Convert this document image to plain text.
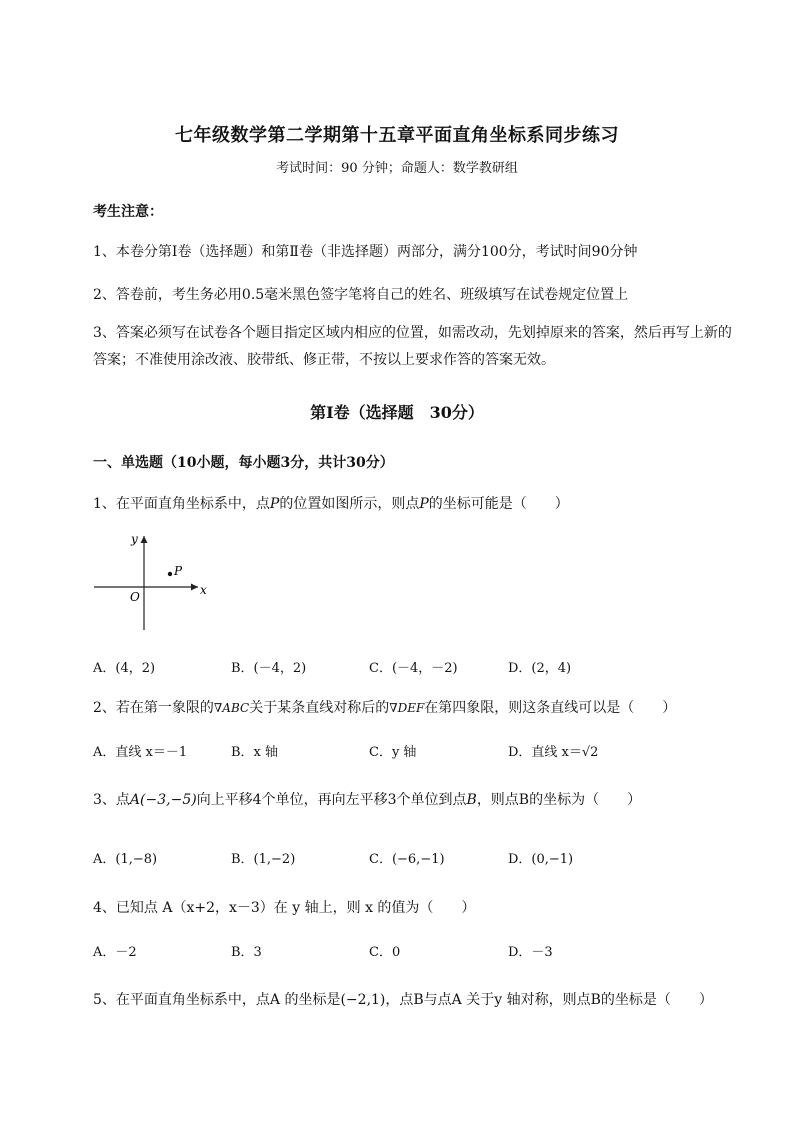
七年级数学第二学期第十五章平面直角坐标系同步练习
考试时间：90 分钟；命题人：数学教研组
考生注意：
1、本卷分第Ⅰ卷（选择题）和第Ⅱ卷（非选择题）两部分，满分100分，考试时间90分钟
2、答卷前，考生务必用0.5毫米黑色签字笔将自己的姓名、班级填写在试卷规定位置上
3、答案必须写在试卷各个题目指定区域内相应的位置，如需改动，先划掉原来的答案，然后再写上新的答案；不准使用涂改液、胶带纸、修正带，不按以上要求作答的答案无效。
第Ⅰ卷（选择题　30分）
一、单选题（10小题，每小题3分，共计30分）
1、在平面直角坐标系中，点P的位置如图所示，则点P的坐标可能是（　　）
y
x
O
P
A．(4，2)	B．(－4，2)	C．(－4，－2)	D．(2，4)
2、若在第一象限的∇ABC关于某条直线对称后的∇DEF在第四象限，则这条直线可以是（　　）
A．直线 x＝－1	B．x 轴	C．y 轴	D．直线 x＝√2
3、点A(−3,−5)向上平移4个单位，再向左平移3个单位到点B，则点B的坐标为（　　）
A．(1,−8)	B．(1,−2)	C．(−6,−1)	D．(0,−1)
4、已知点 A（x+2，x－3）在 y 轴上，则 x 的值为（　　）
A．－2	B．3	C．0	D．－3
5、在平面直角坐标系中，点A 的坐标是(−2,1)，点B与点A 关于y 轴对称，则点B的坐标是（　　）
